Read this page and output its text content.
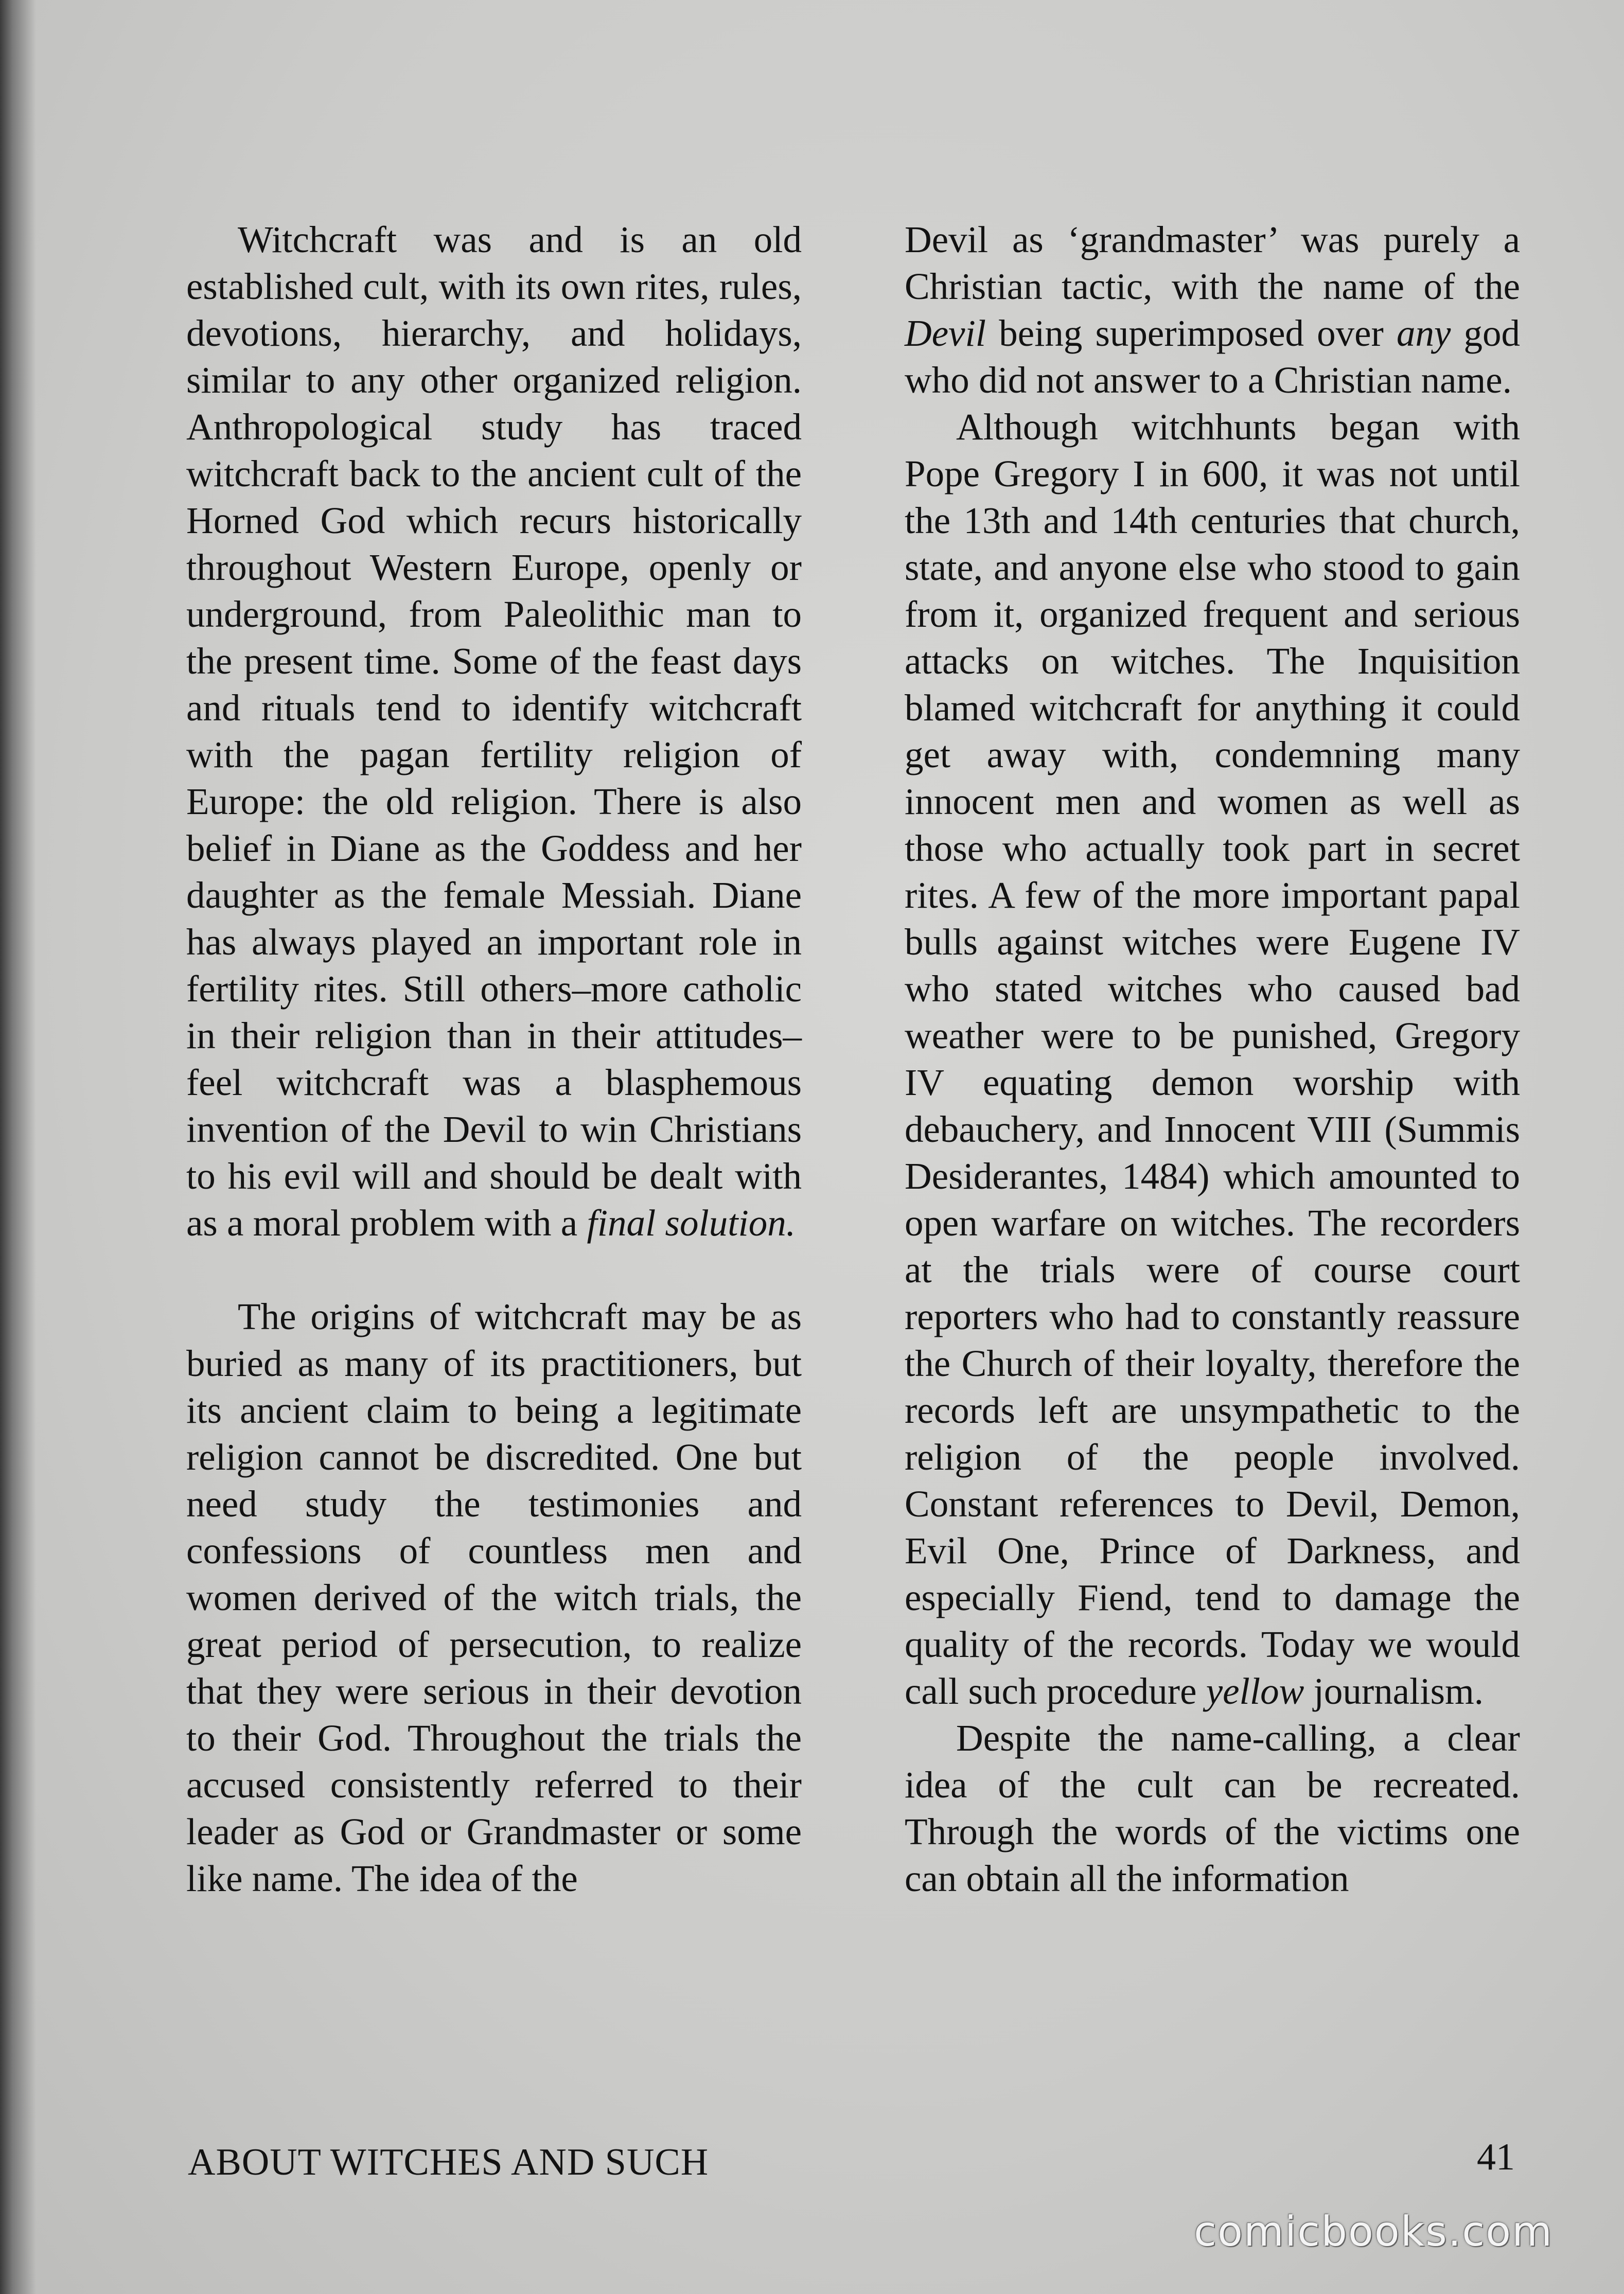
Witchcraft was and is an old established cult, with its own rites, rules, devotions, hierarchy, and holidays, similar to any other organized religion. Anthropological study has traced witchcraft back to the ancient cult of the Horned God which recurs historically throughout Western Europe, openly or underground, from Paleolithic man to the present time. Some of the feast days and rituals tend to identify witchcraft with the pagan fertility religion of Europe: the old religion. There is also belief in Diane as the Goddess and her daughter as the female Messiah. Diane has always played an important role in fertility rites. Still others–more catholic in their religion than in their attitudes–feel witchcraft was a blasphemous invention of the Devil to win Christians to his evil will and should be dealt with as a moral problem with a final solution.

The origins of witchcraft may be as buried as many of its practitioners, but its ancient claim to being a legitimate religion cannot be discredited. One but need study the testimonies and confessions of countless men and women derived of the witch trials, the great period of persecution, to realize that they were serious in their devotion to their God. Throughout the trials the accused consistently referred to their leader as God or Grandmaster or some like name. The idea of the

Devil as ‘grandmaster’ was purely a Christian tactic, with the name of the Devil being superimposed over any god who did not answer to a Christian name.

Although witchhunts began with Pope Gregory I in 600, it was not until the 13th and 14th centuries that church, state, and anyone else who stood to gain from it, organized frequent and serious attacks on witches. The Inquisition blamed witchcraft for anything it could get away with, condemning many innocent men and women as well as those who actually took part in secret rites. A few of the more important papal bulls against witches were Eugene IV who stated witches who caused bad weather were to be punished, Gregory IV equating demon worship with debauchery, and Innocent VIII (Summis Desiderantes, 1484) which amounted to open warfare on witches. The recorders at the trials were of course court reporters who had to constantly reassure the Church of their loyalty, therefore the records left are unsympathetic to the religion of the people involved. Constant references to Devil, Demon, Evil One, Prince of Darkness, and especially Fiend, tend to damage the quality of the records. Today we would call such procedure yellow journalism.

Despite the name-calling, a clear idea of the cult can be recreated. Through the words of the victims one can obtain all the information

ABOUT WITCHES AND SUCH	41
comicbooks.com
